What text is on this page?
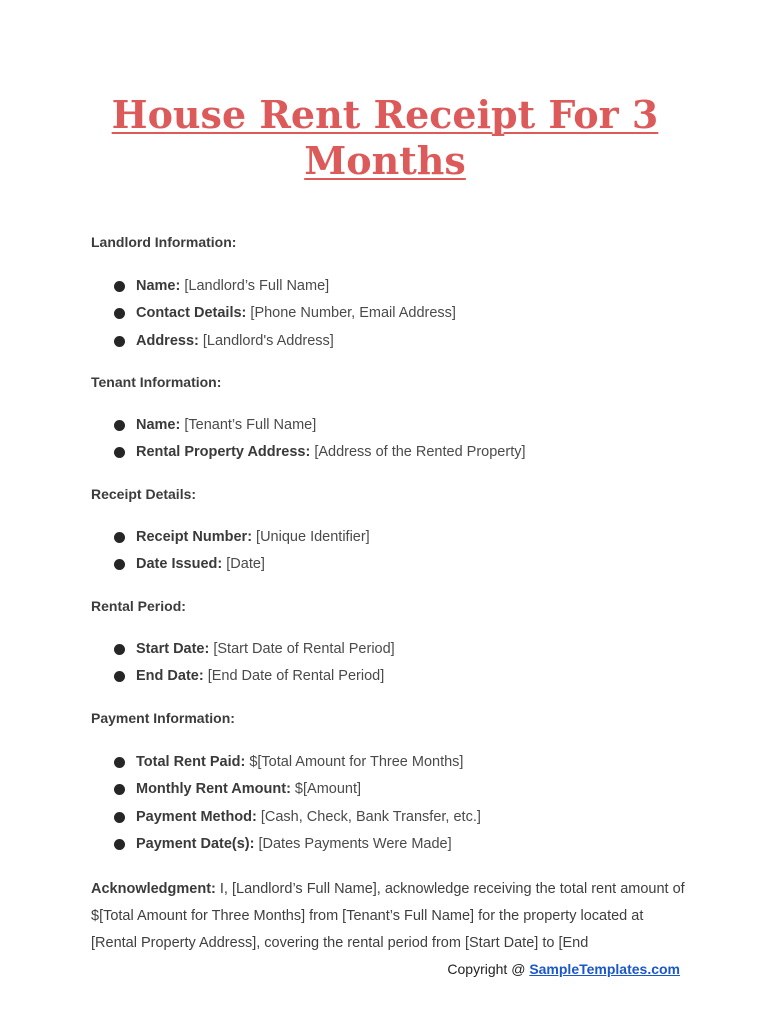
House Rent Receipt For 3 Months
Landlord Information:
Name: [Landlord’s Full Name]
Contact Details: [Phone Number, Email Address]
Address: [Landlord's Address]
Tenant Information:
Name: [Tenant’s Full Name]
Rental Property Address: [Address of the Rented Property]
Receipt Details:
Receipt Number: [Unique Identifier]
Date Issued: [Date]
Rental Period:
Start Date: [Start Date of Rental Period]
End Date: [End Date of Rental Period]
Payment Information:
Total Rent Paid: $[Total Amount for Three Months]
Monthly Rent Amount: $[Amount]
Payment Method: [Cash, Check, Bank Transfer, etc.]
Payment Date(s): [Dates Payments Were Made]

Acknowledgment: I, [Landlord’s Full Name], acknowledge receiving the total rent amount of $[Total Amount for Three Months] from [Tenant’s Full Name] for the property located at [Rental Property Address], covering the rental period from [Start Date] to [End

Copyright @ SampleTemplates.com
